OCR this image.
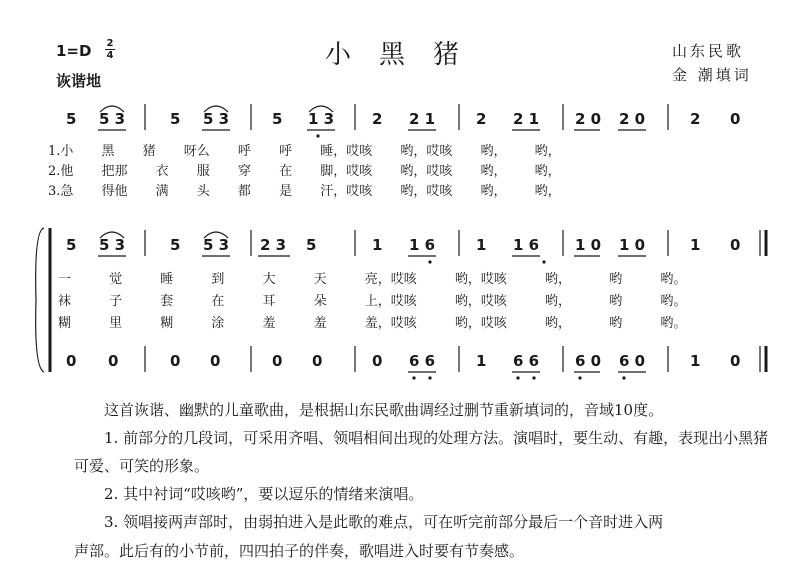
小黑猪
1=D	2
4
诙谐地
山东民歌
金 潮填词
5 5 3	5 5 3	5 1 3	2 2 1	2 2 1 2 0 2 0	2 0
1.小 黑 猪 呀么 呼 呼 睡，哎咳 哟，哎咳 哟， 哟，
2.他 把那 衣 服 穿 在 脚，哎咳 哟，哎咳 哟， 哟，
3.急 得他 满 头 都 是 汗，哎咳 哟，哎咳 哟， 哟，
5 5 3	5 5 3 2 3 5	1 1 6	1 1 6 1 0 1 0	1 0
一 觉 睡 到 大 天 亮，哎咳 哟，哎咳 哟， 哟 哟。
袜 子 套 在 耳 朵 上，哎咳 哟，哎咳 哟， 哟 哟。
糊 里 糊 涂 羞 羞 羞，哎咳 哟，哎咳 哟， 哟 哟。
0 0	0 0	0 0	0 6 6	1 6 6 6 0 6 0	1 0
这首诙谐、幽默的儿童歌曲，是根据山东民歌曲调经过删节重新填词的，音域10度。
1. 前部分的几段词，可采用齐唱、领唱相间出现的处理方法。演唱时，要生动、有趣，表现出小黑猪可爱、可笑的形象。
2. 其中衬词“哎咳哟”，要以逗乐的情绪来演唱。
3. 领唱接两声部时，由弱拍进入是此歌的难点，可在听完前部分最后一个音时进入两
声部。此后有的小节前，四四拍子的伴奏，歌唱进入时要有节奏感。
